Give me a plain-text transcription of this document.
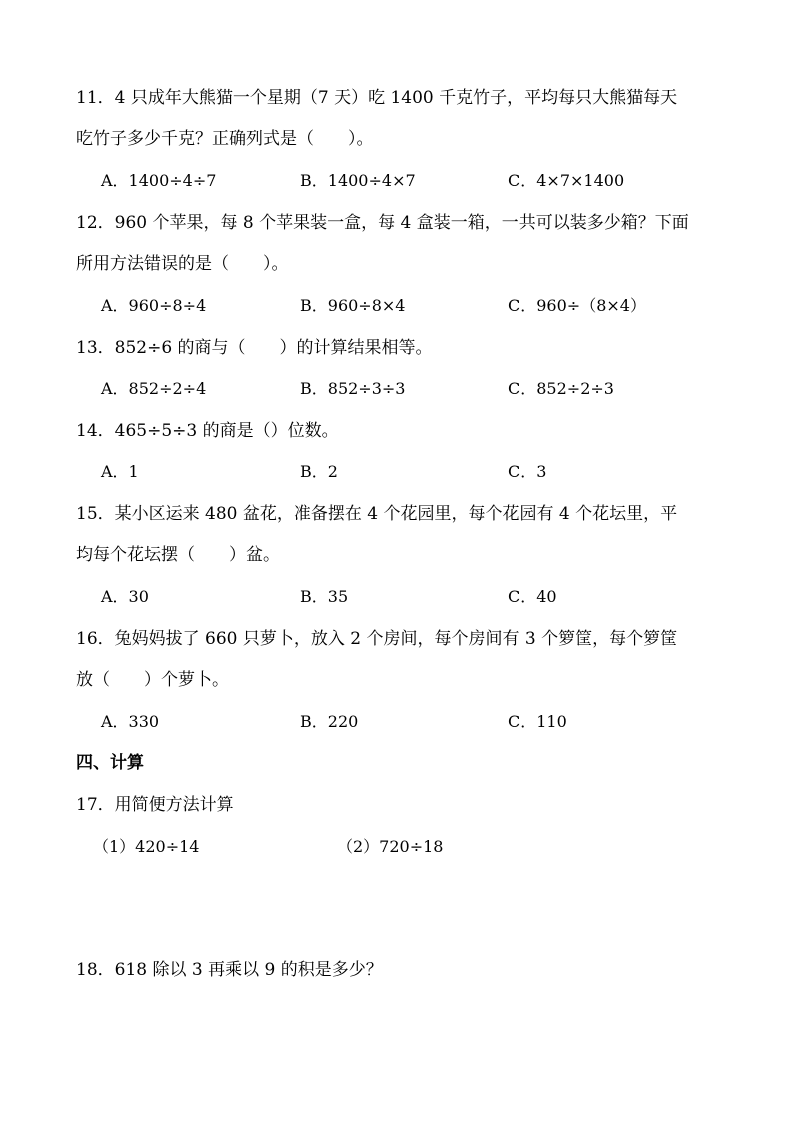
11．4 只成年大熊猫一个星期（7 天）吃 1400 千克竹子，平均每只大熊猫每天
吃竹子多少千克？正确列式是（　　）。
A．1400÷4÷7	B．1400÷4×7	C．4×7×1400
12．960 个苹果，每 8 个苹果装一盒，每 4 盒装一箱，一共可以装多少箱？下面
所用方法错误的是（　　）。
A．960÷8÷4	B．960÷8×4	C．960÷（8×4）
13．852÷6 的商与（　　）的计算结果相等。
A．852÷2÷4	B．852÷3÷3	C．852÷2÷3
14．465÷5÷3 的商是（）位数。
A．1	B．2	C．3
15．某小区运来 480 盆花，准备摆在 4 个花园里，每个花园有 4 个花坛里，平
均每个花坛摆（　　）盆。
A．30	B．35	C．40
16．兔妈妈拔了 660 只萝卜，放入 2 个房间，每个房间有 3 个箩筐，每个箩筐
放（　　）个萝卜。
A．330	B．220	C．110
四、计算
17．用简便方法计算
（1）420÷14	（2）720÷18
18．618 除以 3 再乘以 9 的积是多少？
